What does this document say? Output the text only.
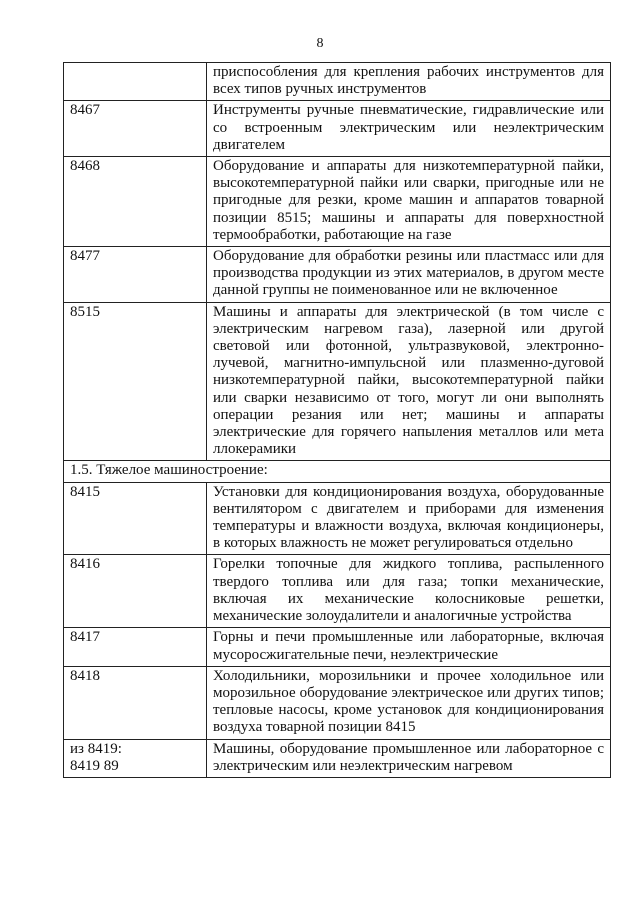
8
	приспособления для крепления рабочих инструментов для всех типов ручных инструментов
8467	Инструменты ручные пневматические, гидравлические или со встроенным электрическим или неэлектрическим двигателем
8468	Оборудование и аппараты для низкотемпературной пайки, высокотемпературной пайки или сварки, пригодные или не пригодные для резки, кроме машин и аппаратов товарной позиции 8515; машины и аппараты для поверхностной термообработки, работающие на газе
8477	Оборудование для обработки резины или пластмасс или для производства продукции из этих материалов, в другом месте данной группы не поименованное или не включенное
8515	Машины и аппараты для электрической (в том числе с электрическим нагревом газа), лазерной или другой световой или фотонной, ультразвуковой, электронно-лучевой, магнитно-импульсной или плазменно-дуговой низкотемпературной пайки, высокотемпературной пайки или сварки независимо от того, могут ли они выполнять операции резания или нет; машины и аппараты электрические для горячего напыления металлов или мета ллокерамики
1.5. Тяжелое машиностроение:	
8415	Установки для кондиционирования воздуха, оборудованные вентилятором с двигателем и приборами для изменения температуры и влажности воздуха, включая кондиционеры, в которых влажность не может регулироваться отдельно
8416	Горелки топочные для жидкого топлива, распыленного твердого топлива или для газа; топки механические, включая их механические колосниковые решетки, механические золоудалители и аналогичные устройства
8417	Горны и печи промышленные или лабораторные, включая мусоросжигательные печи, неэлектрические
8418	Холодильники, морозильники и прочее холодильное или морозильное оборудование электрическое или других типов; тепловые насосы, кроме установок для кондиционирования воздуха товарной позиции 8415
из 8419:
8419 89	Машины, оборудование промышленное или лабораторное с электрическим или неэлектрическим нагревом
